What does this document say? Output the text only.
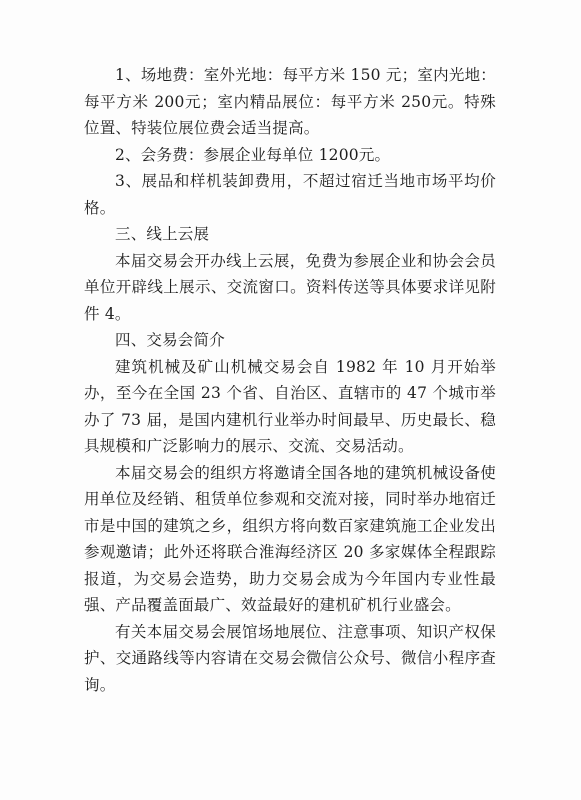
1、场地费：室外光地：每平方米 150 元；室内光地：每平方米 200元；室内精品展位：每平方米 250元。特殊位置、特装位展位费会适当提高。

2、会务费：参展企业每单位 1200元。

3、展品和样机装卸费用，不超过宿迁当地市场平均价格。

三、线上云展

本届交易会开办线上云展，免费为参展企业和协会会员单位开辟线上展示、交流窗口。资料传送等具体要求详见附件 4。

四、交易会简介

建筑机械及矿山机械交易会自 1982 年 10 月开始举办，至今在全国 23 个省、自治区、直辖市的 47 个城市举办了 73 届，是国内建机行业举办时间最早、历史最长、稳具规模和广泛影响力的展示、交流、交易活动。

本届交易会的组织方将邀请全国各地的建筑机械设备使用单位及经销、租赁单位参观和交流对接，同时举办地宿迁市是中国的建筑之乡，组织方将向数百家建筑施工企业发出参观邀请；此外还将联合淮海经济区 20 多家媒体全程跟踪报道，为交易会造势，助力交易会成为今年国内专业性最强、产品覆盖面最广、效益最好的建机矿机行业盛会。

有关本届交易会展馆场地展位、注意事项、知识产权保护、交通路线等内容请在交易会微信公众号、微信小程序查询。
